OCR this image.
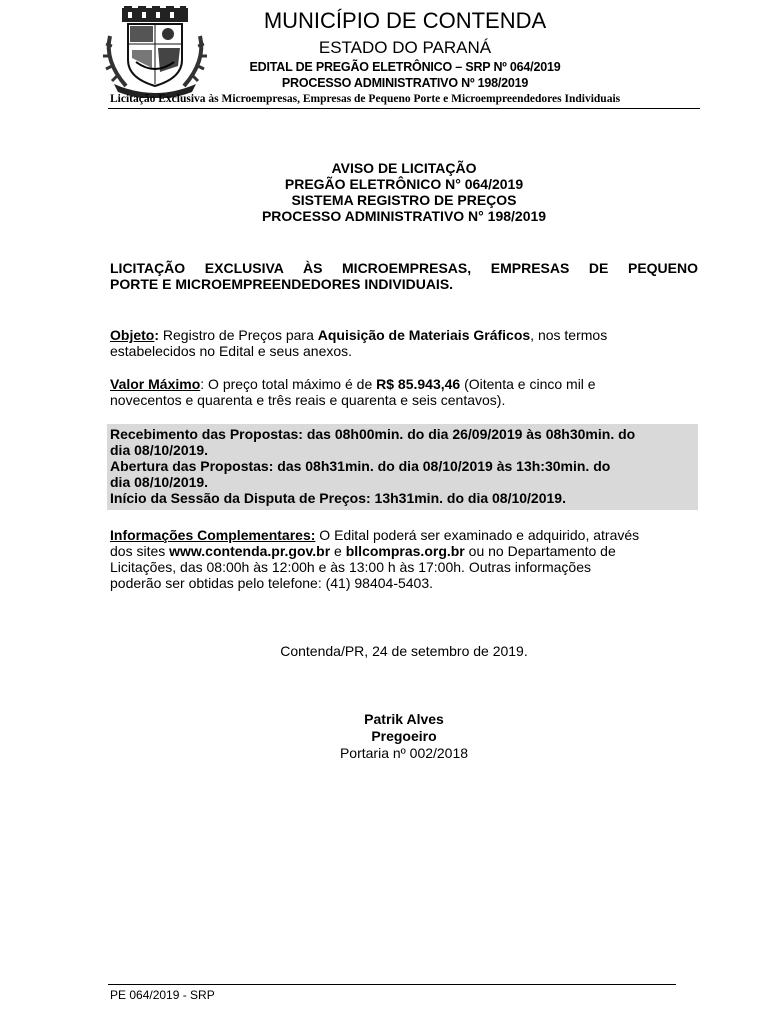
MUNICÍPIO DE CONTENDA
ESTADO DO PARANÁ
EDITAL DE PREGÃO ELETRÔNICO – SRP Nº 064/2019
PROCESSO ADMINISTRATIVO Nº 198/2019
Licitação Exclusiva às Microempresas, Empresas de Pequeno Porte e Microempreendedores Individuais
AVISO DE LICITAÇÃO
PREGÃO ELETRÔNICO N° 064/2019
SISTEMA REGISTRO DE PREÇOS
PROCESSO ADMINISTRATIVO N° 198/2019
LICITAÇÃO EXCLUSIVA ÀS MICROEMPRESAS, EMPRESAS DE PEQUENO
PORTE E MICROEMPREENDEDORES INDIVIDUAIS.
Objeto: Registro de Preços para Aquisição de Materiais Gráficos, nos termos
estabelecidos no Edital e seus anexos.
Valor Máximo: O preço total máximo é de R$ 85.943,46 (Oitenta e cinco mil e
novecentos e quarenta e três reais e quarenta e seis centavos).
Recebimento das Propostas: das 08h00min. do dia 26/09/2019 às 08h30min. do
dia 08/10/2019.
Abertura das Propostas: das 08h31min. do dia 08/10/2019 às 13h:30min. do
dia 08/10/2019.
Início da Sessão da Disputa de Preços: 13h31min. do dia 08/10/2019.
Informações Complementares: O Edital poderá ser examinado e adquirido, através
dos sites www.contenda.pr.gov.br e bllcompras.org.br ou no Departamento de
Licitações, das 08:00h às 12:00h e às 13:00 h às 17:00h. Outras informações
poderão ser obtidas pelo telefone: (41) 98404-5403.
Contenda/PR, 24 de setembro de 2019.
Patrik Alves
Pregoeiro
Portaria nº 002/2018
PE 064/2019 - SRP
